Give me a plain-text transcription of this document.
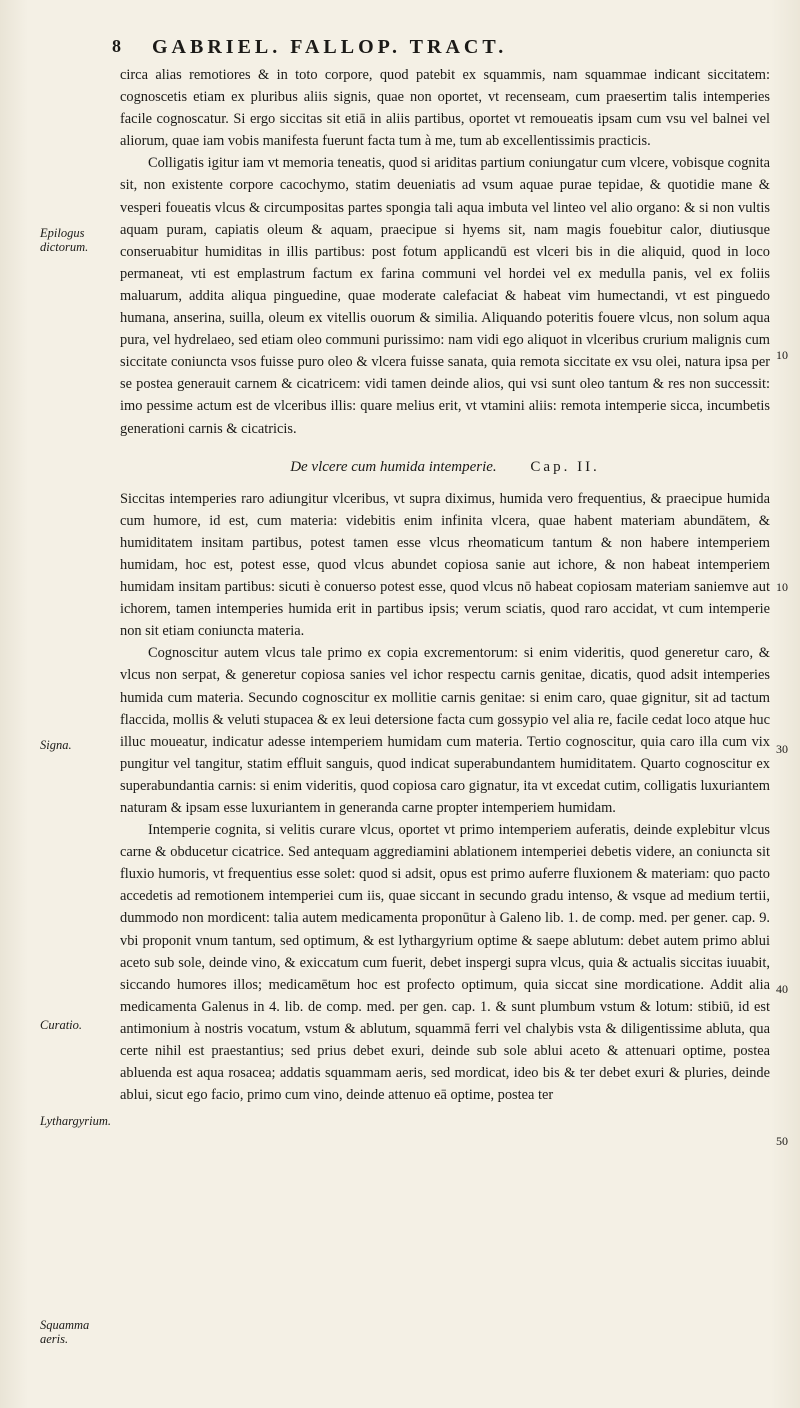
8 GABRIEL. FALLOP. TRACT.
Epilogus dictorum.
Signa.
Curatio.
Lythargyrium.
Squamma aeris.
10
10
30
40
50

circa alias remotiores & in toto corpore, quod patebit ex squammis, nam squammae indicant siccitatem: cognoscetis etiam ex pluribus aliis signis, quae non oportet, vt recenseam, cum praesertim talis intemperies facile cognoscatur. Si ergo siccitas sit etiā in aliis partibus, oportet vt remoueatis ipsam cum vsu vel balnei vel aliorum, quae iam vobis manifesta fuerunt facta tum à me, tum ab excellentissimis practicis.

Colligatis igitur iam vt memoria teneatis, quod si ariditas partium coniungatur cum vlcere, vobisque cognita sit, non existente corpore cacochymo, statim deueniatis ad vsum aquae purae tepidae, & quotidie mane & vesperi foueatis vlcus & circumpositas partes spongia tali aqua imbuta vel linteo vel alio organo: & si non vultis aquam puram, capiatis oleum & aquam, praecipue si hyems sit, nam magis fouebitur calor, diutiusque conseruabitur humiditas in illis partibus: post fotum applicandū est vlceri bis in die aliquid, quod in loco permaneat, vti est emplastrum factum ex farina communi vel hordei vel ex medulla panis, vel ex foliis maluarum, addita aliqua pinguedine, quae moderate calefaciat & habeat vim humectandi, vt est pinguedo humana, anserina, suilla, oleum ex vitellis ouorum & similia. Aliquando poteritis fouere vlcus, non solum aqua pura, vel hydrelaeo, sed etiam oleo communi purissimo: nam vidi ego aliquot in vlceribus crurium malignis cum siccitate coniuncta vsos fuisse puro oleo & vlcera fuisse sanata, quia remota siccitate ex vsu olei, natura ipsa per se postea generauit carnem & cicatricem: vidi tamen deinde alios, qui vsi sunt oleo tantum & res non successit: imo pessime actum est de vlceribus illis: quare melius erit, vt vtamini aliis: remota intemperie sicca, incumbetis generationi carnis & cicatricis.

De vlcere cum humida intemperie. Cap. II.

Siccitas intemperies raro adiungitur vlceribus, vt supra diximus, humida vero frequentius, & praecipue humida cum humore, id est, cum materia: videbitis enim infinita vlcera, quae habent materiam abundātem, & humiditatem insitam partibus, potest tamen esse vlcus rheomaticum tantum & non habere intemperiem humidam, hoc est, potest esse, quod vlcus abundet copiosa sanie aut ichore, & non habeat intemperiem humidam insitam partibus: sicuti è conuerso potest esse, quod vlcus nō habeat copiosam materiam saniemve aut ichorem, tamen intemperies humida erit in partibus ipsis; verum sciatis, quod raro accidat, vt cum intemperie non sit etiam coniuncta materia.

Cognoscitur autem vlcus tale primo ex copia excrementorum: si enim videritis, quod generetur caro, & vlcus non serpat, & generetur copiosa sanies vel ichor respectu carnis genitae, dicatis, quod adsit intemperies humida cum materia. Secundo cognoscitur ex mollitie carnis genitae: si enim caro, quae gignitur, sit ad tactum flaccida, mollis & veluti stupacea & ex leui detersione facta cum gossypio vel alia re, facile cedat loco atque huc illuc moueatur, indicatur adesse intemperiem humidam cum materia. Tertio cognoscitur, quia caro illa cum vix pungitur vel tangitur, statim effluit sanguis, quod indicat superabundantem humiditatem. Quarto cognoscitur ex superabundantia carnis: si enim videritis, quod copiosa caro gignatur, ita vt excedat cutim, colligatis luxuriantem naturam & ipsam esse luxuriantem in generanda carne propter intemperiem humidam.

Intemperie cognita, si velitis curare vlcus, oportet vt primo intemperiem auferatis, deinde explebitur vlcus carne & obducetur cicatrice. Sed antequam aggrediamini ablationem intemperiei debetis videre, an coniuncta sit fluxio humoris, vt frequentius esse solet: quod si adsit, opus est primo auferre fluxionem & materiam: quo pacto accedetis ad remotionem intemperiei cum iis, quae siccant in secundo gradu intenso, & vsque ad medium tertii, dummodo non mordicent: talia autem medicamenta proponūtur à Galeno lib. 1. de comp. med. per gener. cap. 9. vbi proponit vnum tantum, sed optimum, & est lythargyrium optime & saepe ablutum: debet autem primo ablui aceto sub sole, deinde vino, & exiccatum cum fuerit, debet inspergi supra vlcus, quia & actualis siccitas iuuabit, siccando humores illos; medicamētum hoc est profecto optimum, quia siccat sine mordicatione. Addit alia medicamenta Galenus in 4. lib. de comp. med. per gen. cap. 1. & sunt plumbum vstum & lotum: stibiū, id est antimonium à nostris vocatum, vstum & ablutum, squammā ferri vel chalybis vsta & diligentissime abluta, qua certe nihil est praestantius; sed prius debet exuri, deinde sub sole ablui aceto & attenuari optime, postea abluenda est aqua rosacea; addatis squammam aeris, sed mordicat, ideo bis & ter debet exuri & pluries, deinde ablui, sicut ego facio, primo cum vino, deinde attenuo eā optime, postea ter
